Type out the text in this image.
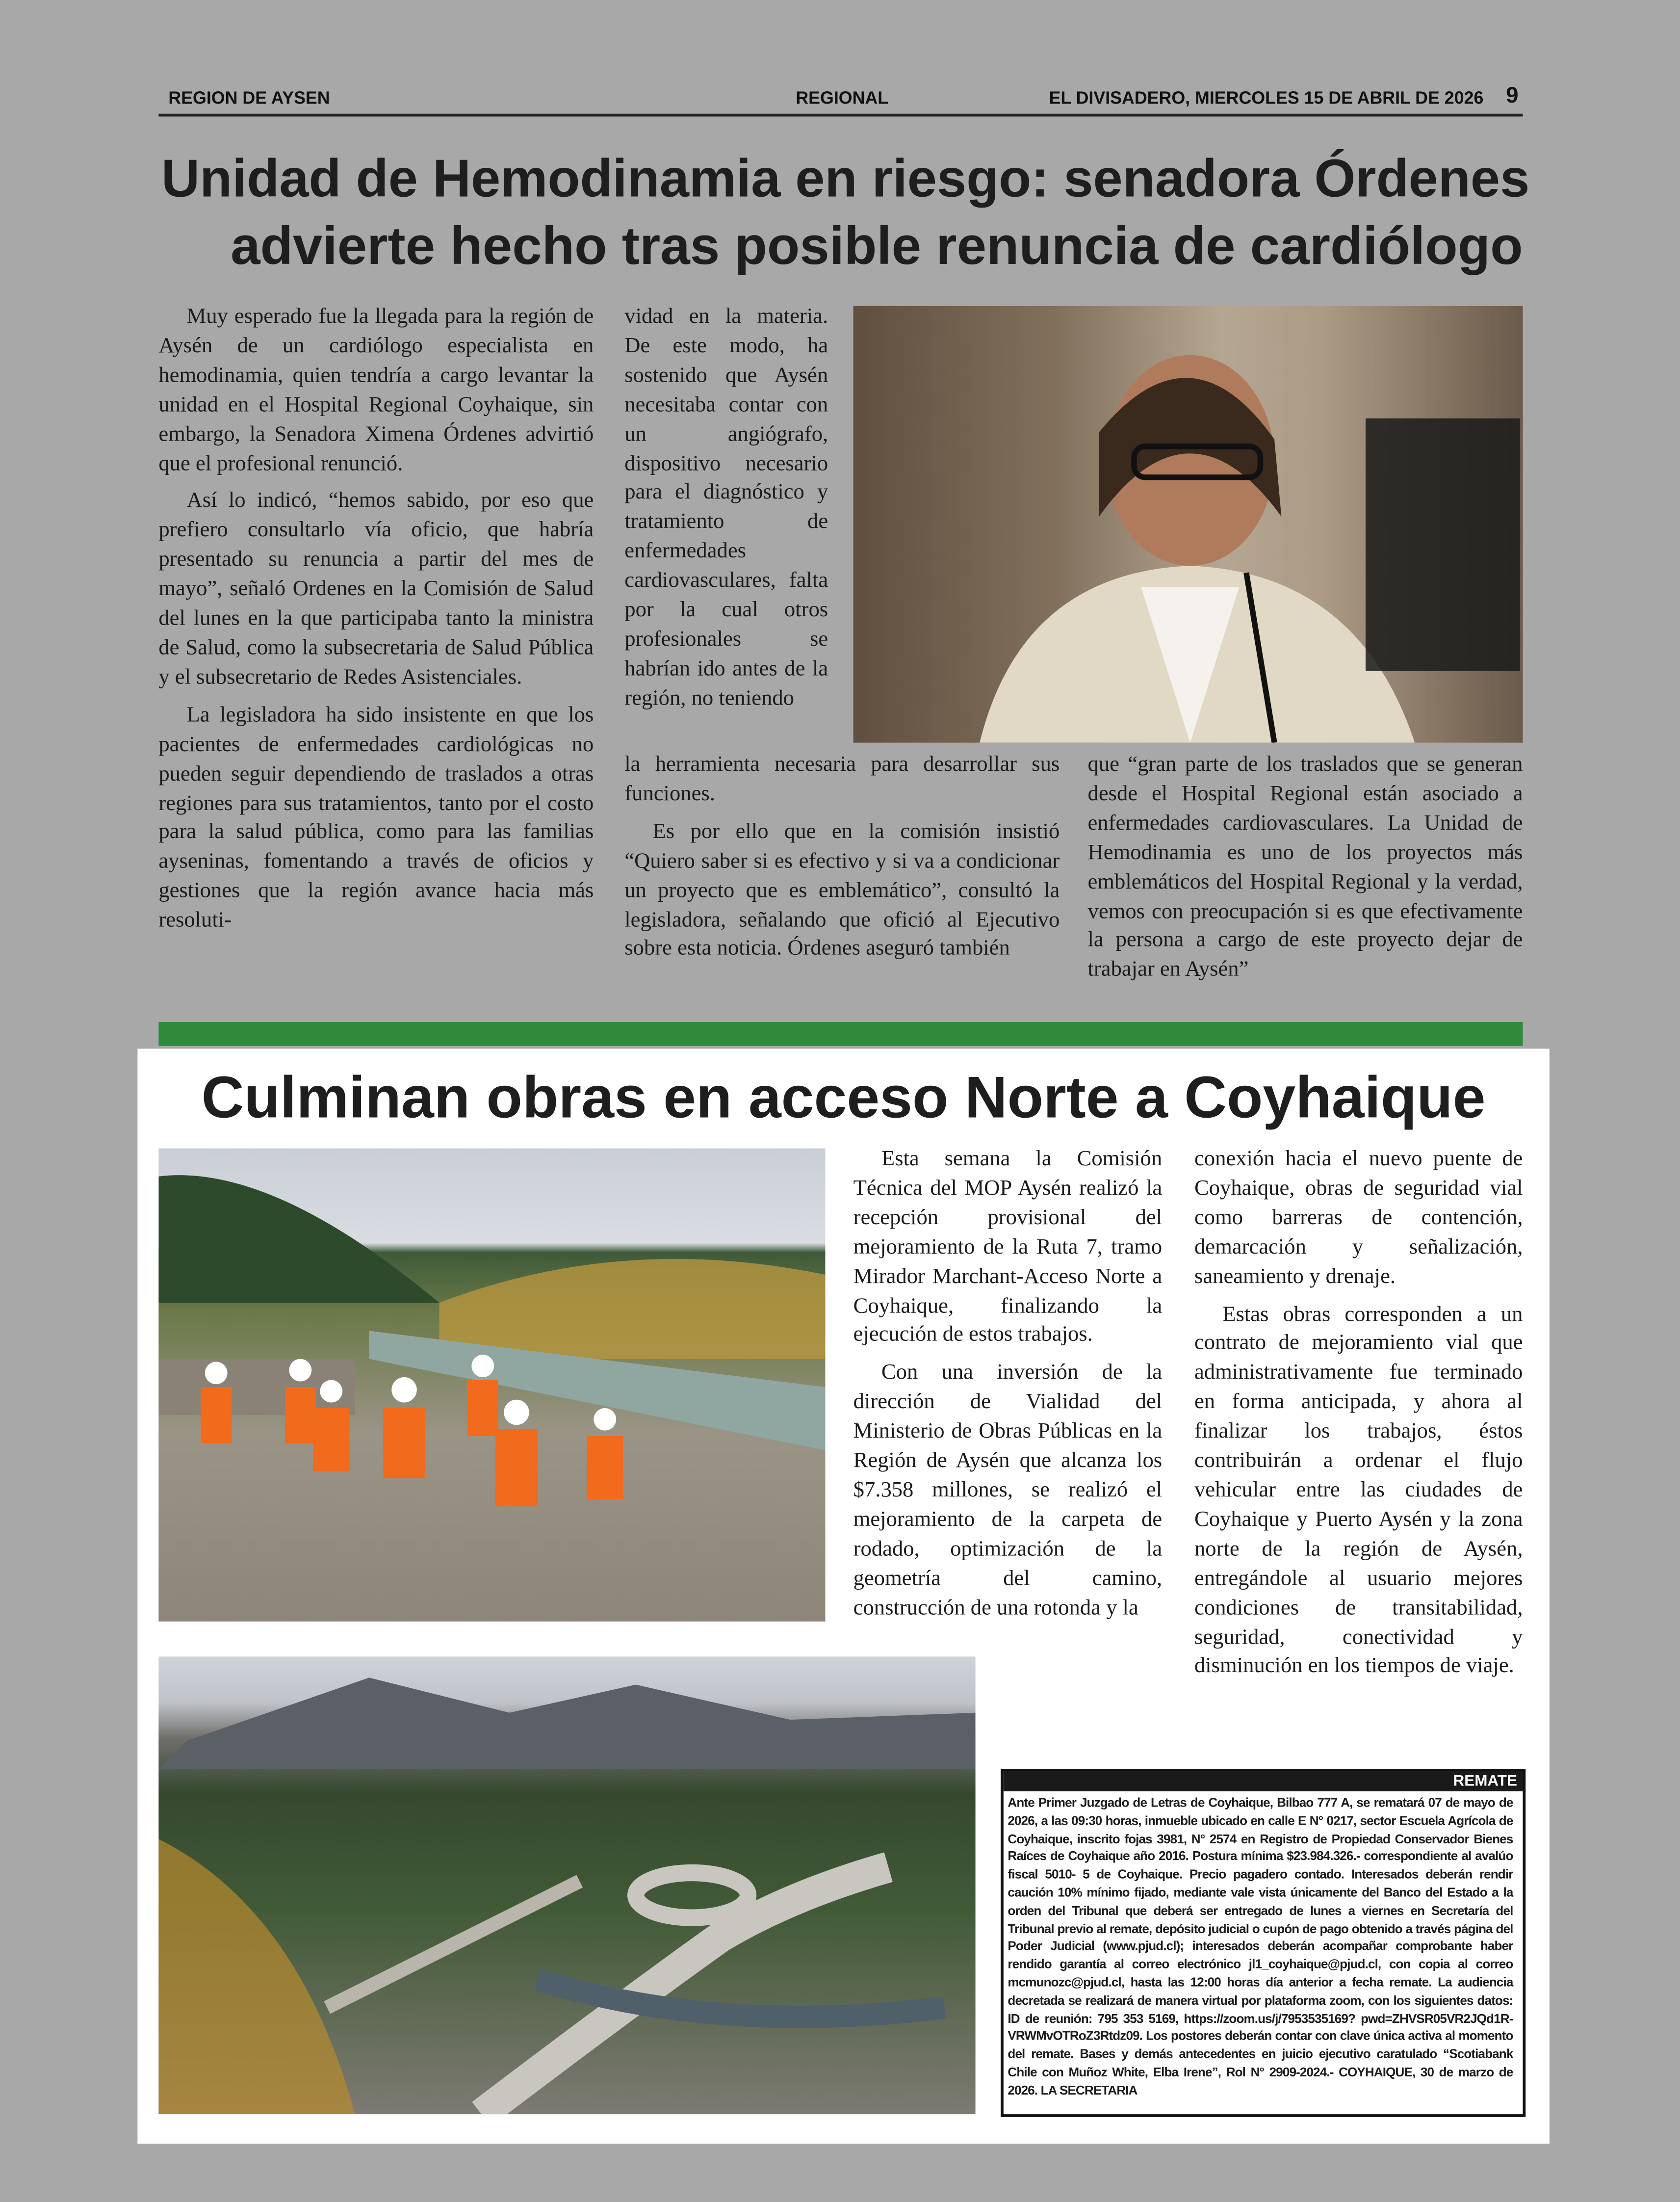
REGION DE AYSEN	REGIONAL	EL DIVISADERO, MIERCOLES 15 DE ABRIL DE 2026	9
Unidad de Hemodinamia en riesgo: senadora Órdenes
advierte hecho tras posible renuncia de cardiólogo

Muy esperado fue la llegada para la región de Aysén de un cardiólogo especialista en hemodinamia, quien tendría a cargo levantar la unidad en el Hospital Regional Coyhaique, sin embargo, la Senadora Ximena Órdenes advirtió que el profesional renunció.

Así lo indicó, “hemos sabido, por eso que prefiero consultarlo vía oficio, que habría presentado su renuncia a partir del mes de mayo”, señaló Ordenes en la Comisión de Salud del lunes en la que participaba tanto la ministra de Salud, como la subsecretaria de Salud Pública y el subsecretario de Redes Asistenciales.

La legisladora ha sido insistente en que los pacientes de enfermedades cardiológicas no pueden seguir dependiendo de traslados a otras regiones para sus tratamientos, tanto por el costo para la salud pública, como para las familias ayseninas, fomentando a través de oficios y gestiones que la región avance hacia más resoluti-

vidad en la materia. De este modo, ha sostenido que Aysén necesitaba contar con un angiógrafo, dispositivo necesario para el diagnóstico y tratamiento de enfermedades cardiovasculares, falta por la cual otros profesionales se habrían ido antes de la región, no teniendo

la herramienta necesaria para desarrollar sus funciones.

Es por ello que en la comisión insistió “Quiero saber si es efectivo y si va a condicionar un proyecto que es emblemático”, consultó la legisladora, señalando que ofició al Ejecutivo sobre esta noticia. Órdenes aseguró también

que “gran parte de los traslados que se generan desde el Hospital Regional están asociado a enfermedades cardiovasculares. La Unidad de Hemodinamia es uno de los proyectos más emblemáticos del Hospital Regional y la verdad, vemos con preocupación si es que efectivamente la persona a cargo de este proyecto dejar de trabajar en Aysén”

Culminan obras en acceso Norte a Coyhaique

Esta semana la Comisión Técnica del MOP Aysén realizó la recepción provisional del mejoramiento de la Ruta 7, tramo Mirador Marchant-Acceso Norte a Coyhaique, finalizando la ejecución de estos trabajos.

Con una inversión de la dirección de Vialidad del Ministerio de Obras Públicas en la Región de Aysén que alcanza los $7.358 millones, se realizó el mejoramiento de la carpeta de rodado, optimización de la geometría del camino, construcción de una rotonda y la

conexión hacia el nuevo puente de Coyhaique, obras de seguridad vial como barreras de contención, demarcación y señalización, saneamiento y drenaje.

Estas obras corresponden a un contrato de mejoramiento vial que administrativamente fue terminado en forma anticipada, y ahora al finalizar los trabajos, éstos contribuirán a ordenar el flujo vehicular entre las ciudades de Coyhaique y Puerto Aysén y la zona norte de la región de Aysén, entregándole al usuario mejores condiciones de transitabilidad, seguridad, conectividad y disminución en los tiempos de viaje.

REMATE
Ante Primer Juzgado de Letras de Coyhaique, Bilbao 777 A, se rematará 07 de mayo de 2026, a las 09:30 horas, inmueble ubicado en calle E N° 0217, sector Escuela Agrícola de Coyhaique, inscrito fojas 3981, N° 2574 en Registro de Propiedad Conservador Bienes Raíces de Coyhaique año 2016. Postura mínima $23.984.326.- correspondiente al avalúo fiscal 5010- 5 de Coyhaique. Precio pagadero contado. Interesados deberán rendir caución 10% mínimo fijado, mediante vale vista únicamente del Banco del Estado a la orden del Tribunal que deberá ser entregado de lunes a viernes en Secretaría del Tribunal previo al remate, depósito judicial o cupón de pago obtenido a través página del Poder Judicial (www.pjud.cl); interesados deberán acompañar comprobante haber rendido garantía al correo electrónico jl1_coyhaique@pjud.cl, con copia al correo mcmunozc@pjud.cl, hasta las 12:00 horas día anterior a fecha remate. La audiencia decretada se realizará de manera virtual por plataforma zoom, con los siguientes datos: ID de reunión: 795 353 5169, https://zoom.us/j/7953535169? pwd=ZHVSR05VR2JQd1R-VRWMvOTRoZ3Rtdz09. Los postores deberán contar con clave única activa al momento del remate. Bases y demás antecedentes en juicio ejecutivo caratulado “Scotiabank Chile con Muñoz White, Elba Irene”, Rol N° 2909-2024.- COYHAIQUE, 30 de marzo de 2026. LA SECRETARIA
